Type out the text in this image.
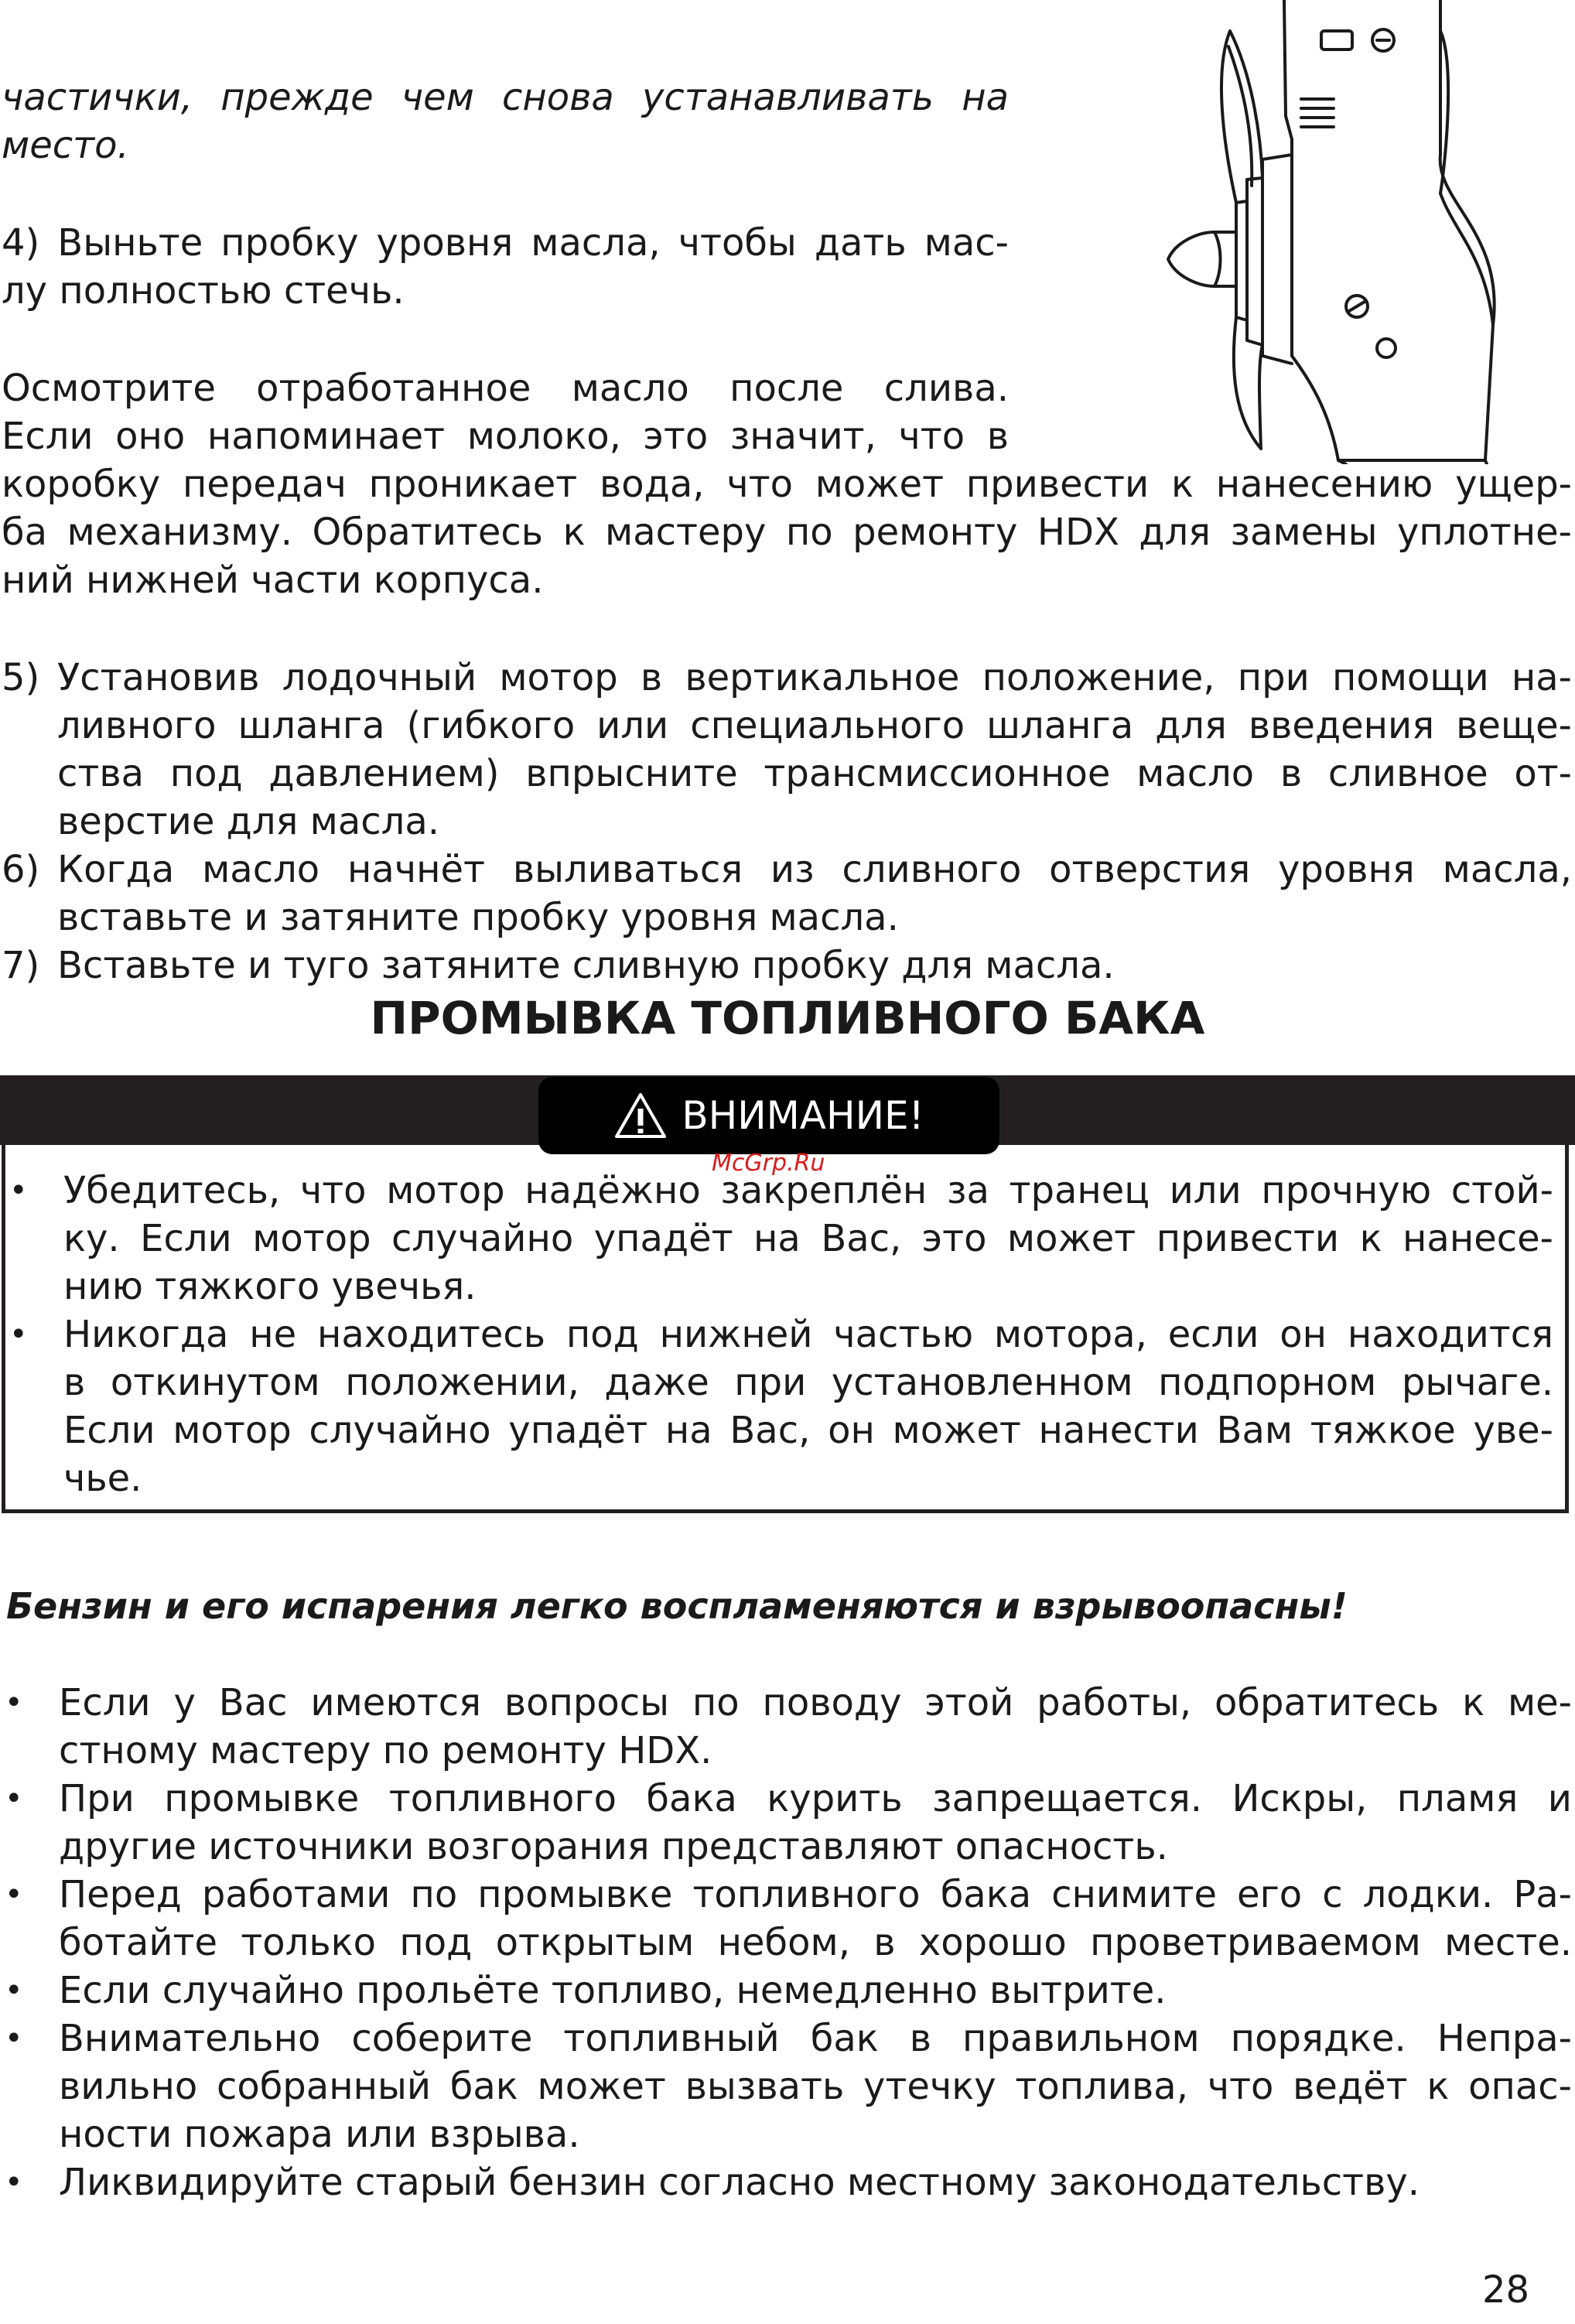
частички, прежде чем снова устанавливать на

место.

4) Выньте пробку уровня масла, чтобы дать мас-

лу полностью стечь.

Осмотрите отработанное масло после слива.

Если оно напоминает молоко, это значит, что в

коробку передач проникает вода, что может привести к нанесению ущер-

ба механизму. Обратитесь к мастеру по ремонту HDX для замены уплотне-

ний нижней части корпуса.

5) Установив лодочный мотор в вертикальное положение, при помощи на-

ливного шланга (гибкого или специального шланга для введения веще-

ства под давлением) впрысните трансмиссионное масло в сливное от-

верстие для масла.

6) Когда масло начнёт выливаться из сливного отверстия уровня масла,

вставьте и затяните пробку уровня масла.

7) Вставьте и туго затяните сливную пробку для масла.

ПРОМЫВКА ТОПЛИВНОГО БАКА
ВНИМАНИЕ!
McGrp.Ru
• Убедитесь, что мотор надёжно закреплён за транец или прочную стой-

ку. Если мотор случайно упадёт на Вас, это может привести к нанесе-

нию тяжкого увечья.

• Никогда не находитесь под нижней частью мотора, если он находится

в откинутом положении, даже при установленном подпорном рычаге.

Если мотор случайно упадёт на Вас, он может нанести Вам тяжкое уве-

чье.

Бензин и его испарения легко воспламеняются и взрывоопасны!
• Если у Вас имеются вопросы по поводу этой работы, обратитесь к ме-

стному мастеру по ремонту HDX.

• При промывке топливного бака курить запрещается. Искры, пламя и

другие источники возгорания представляют опасность.

• Перед работами по промывке топливного бака снимите его с лодки. Ра-

ботайте только под открытым небом, в хорошо проветриваемом месте.

• Если случайно прольёте топливо, немедленно вытрите.

• Внимательно соберите топливный бак в правильном порядке. Непра-

вильно собранный бак может вызвать утечку топлива, что ведёт к опас-

ности пожара или взрыва.

• Ликвидируйте старый бензин согласно местному законодательству.

28
